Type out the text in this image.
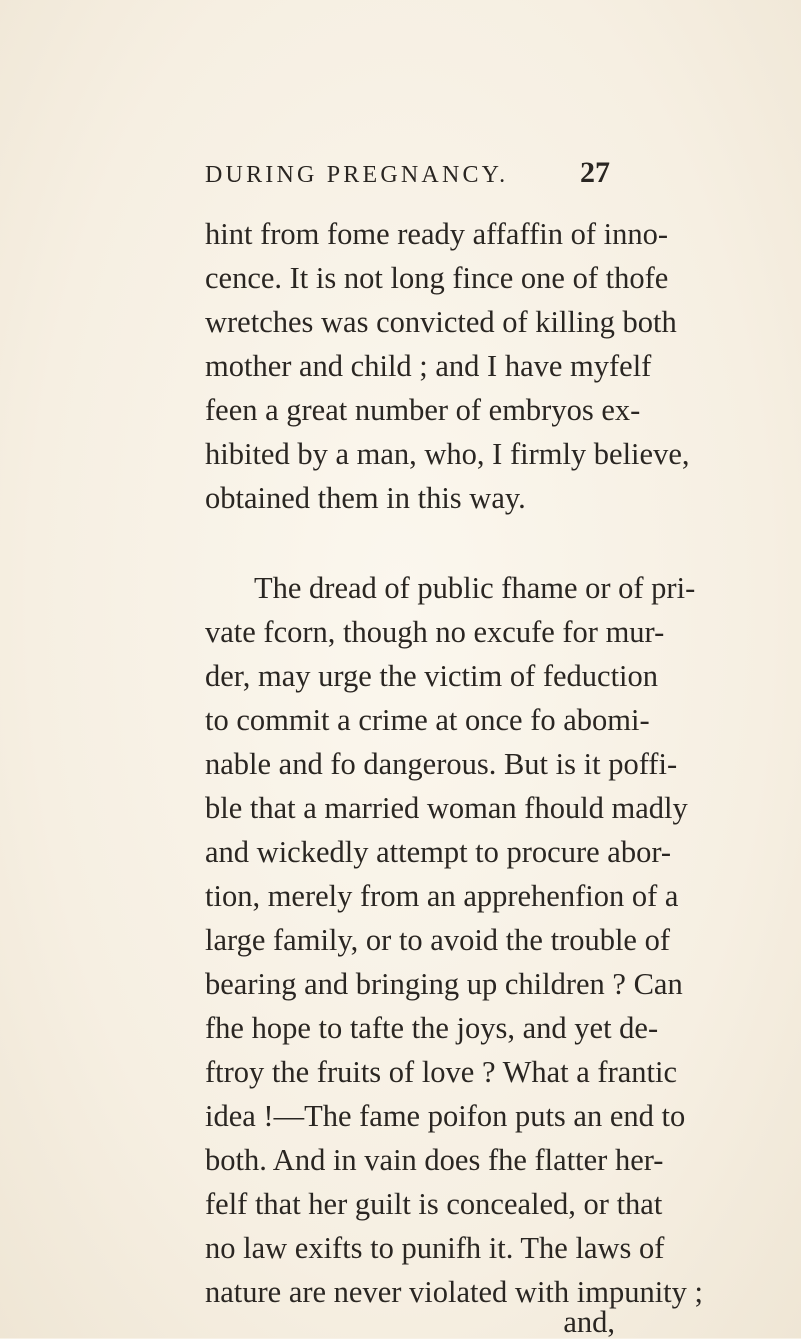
DURING PREGNANCY. 27
hint from fome ready affaffin of inno-
cence. It is not long fince one of thofe
wretches was convicted of killing both
mother and child ; and I have myfelf
feen a great number of embryos ex-
hibited by a man, who, I firmly believe,
obtained them in this way.
The dread of public fhame or of pri-
vate fcorn, though no excufe for mur-
der, may urge the victim of feduction
to commit a crime at once fo abomi-
nable and fo dangerous. But is it poffi-
ble that a married woman fhould madly
and wickedly attempt to procure abor-
tion, merely from an apprehenfion of a
large family, or to avoid the trouble of
bearing and bringing up children ? Can
fhe hope to tafte the joys, and yet de-
ftroy the fruits of love ? What a frantic
idea !—The fame poifon puts an end to
both. And in vain does fhe flatter her-
felf that her guilt is concealed, or that
no law exifts to punifh it. The laws of
nature are never violated with impunity ;
and,
